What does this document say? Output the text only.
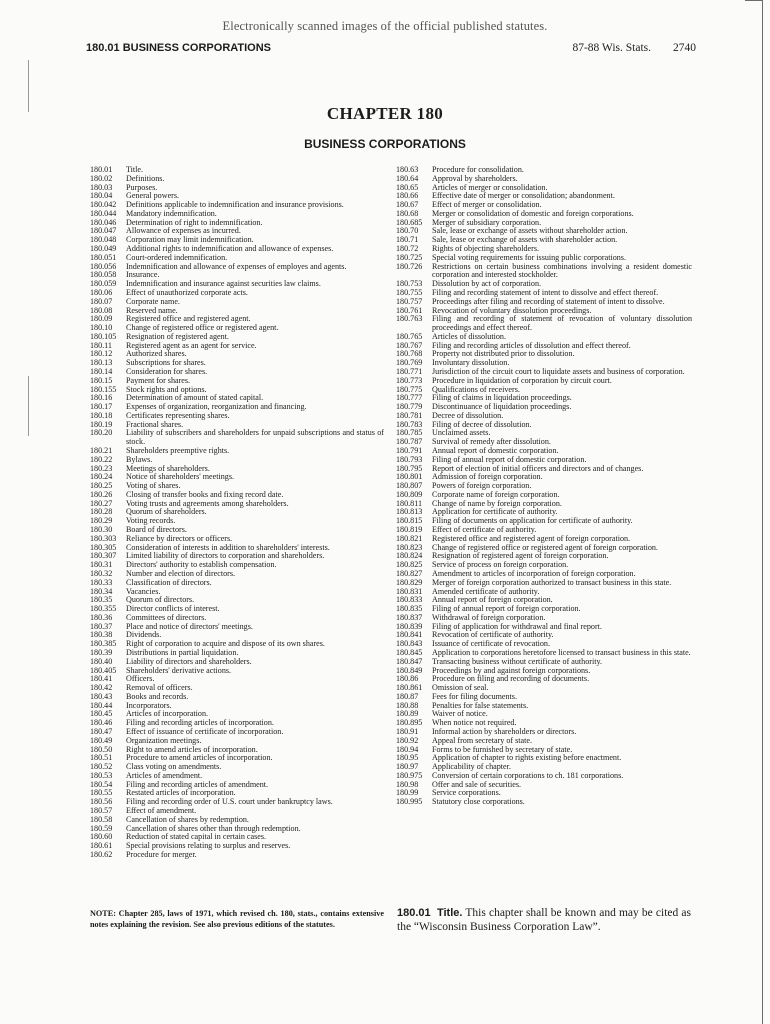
Electronically scanned images of the official published statutes.
180.01 BUSINESS CORPORATIONS	87-88 Wis. Stats. 2740
CHAPTER 180
BUSINESS CORPORATIONS
180.01	Title.
180.02	Definitions.
180.03	Purposes.
180.04	General powers.
180.042	Definitions applicable to indemnification and insurance provisions.
180.044	Mandatory indemnification.
180.046	Determination of right to indemnification.
180.047	Allowance of expenses as incurred.
180.048	Corporation may limit indemnification.
180.049	Additional rights to indemnification and allowance of expenses.
180.051	Court-ordered indemnification.
180.056	Indemnification and allowance of expenses of employes and agents.
180.058	Insurance.
180.059	Indemnification and insurance against securities law claims.
180.06	Effect of unauthorized corporate acts.
180.07	Corporate name.
180.08	Reserved name.
180.09	Registered office and registered agent.
180.10	Change of registered office or registered agent.
180.105	Resignation of registered agent.
180.11	Registered agent as an agent for service.
180.12	Authorized shares.
180.13	Subscriptions for shares.
180.14	Consideration for shares.
180.15	Payment for shares.
180.155	Stock rights and options.
180.16	Determination of amount of stated capital.
180.17	Expenses of organization, reorganization and financing.
180.18	Certificates representing shares.
180.19	Fractional shares.
180.20	Liability of subscribers and shareholders for unpaid subscriptions and status of stock.
180.21	Shareholders preemptive rights.
180.22	Bylaws.
180.23	Meetings of shareholders.
180.24	Notice of shareholders' meetings.
180.25	Voting of shares.
180.26	Closing of transfer books and fixing record date.
180.27	Voting trusts and agreements among shareholders.
180.28	Quorum of shareholders.
180.29	Voting records.
180.30	Board of directors.
180.303	Reliance by directors or officers.
180.305	Consideration of interests in addition to shareholders' interests.
180.307	Limited liability of directors to corporation and shareholders.
180.31	Directors' authority to establish compensation.
180.32	Number and election of directors.
180.33	Classification of directors.
180.34	Vacancies.
180.35	Quorum of directors.
180.355	Director conflicts of interest.
180.36	Committees of directors.
180.37	Place and notice of directors' meetings.
180.38	Dividends.
180.385	Right of corporation to acquire and dispose of its own shares.
180.39	Distributions in partial liquidation.
180.40	Liability of directors and shareholders.
180.405	Shareholders' derivative actions.
180.41	Officers.
180.42	Removal of officers.
180.43	Books and records.
180.44	Incorporators.
180.45	Articles of incorporation.
180.46	Filing and recording articles of incorporation.
180.47	Effect of issuance of certificate of incorporation.
180.49	Organization meetings.
180.50	Right to amend articles of incorporation.
180.51	Procedure to amend articles of incorporation.
180.52	Class voting on amendments.
180.53	Articles of amendment.
180.54	Filing and recording articles of amendment.
180.55	Restated articles of incorporation.
180.56	Filing and recording order of U.S. court under bankruptcy laws.
180.57	Effect of amendment.
180.58	Cancellation of shares by redemption.
180.59	Cancellation of shares other than through redemption.
180.60	Reduction of stated capital in certain cases.
180.61	Special provisions relating to surplus and reserves.
180.62	Procedure for merger.
180.63	Procedure for consolidation.
180.64	Approval by shareholders.
180.65	Articles of merger or consolidation.
180.66	Effective date of merger or consolidation; abandonment.
180.67	Effect of merger or consolidation.
180.68	Merger or consolidation of domestic and foreign corporations.
180.685	Merger of subsidiary corporation.
180.70	Sale, lease or exchange of assets without shareholder action.
180.71	Sale, lease or exchange of assets with shareholder action.
180.72	Rights of objecting shareholders.
180.725	Special voting requirements for issuing public corporations.
180.726	Restrictions on certain business combinations involving a resident domestic corporation and interested stockholder.
180.753	Dissolution by act of corporation.
180.755	Filing and recording statement of intent to dissolve and effect thereof.
180.757	Proceedings after filing and recording of statement of intent to dissolve.
180.761	Revocation of voluntary dissolution proceedings.
180.763	Filing and recording of statement of revocation of voluntary dissolution proceedings and effect thereof.
180.765	Articles of dissolution.
180.767	Filing and recording articles of dissolution and effect thereof.
180.768	Property not distributed prior to dissolution.
180.769	Involuntary dissolution.
180.771	Jurisdiction of the circuit court to liquidate assets and business of corporation.
180.773	Procedure in liquidation of corporation by circuit court.
180.775	Qualifications of receivers.
180.777	Filing of claims in liquidation proceedings.
180.779	Discontinuance of liquidation proceedings.
180.781	Decree of dissolution.
180.783	Filing of decree of dissolution.
180.785	Unclaimed assets.
180.787	Survival of remedy after dissolution.
180.791	Annual report of domestic corporation.
180.793	Filing of annual report of domestic corporation.
180.795	Report of election of initial officers and directors and of changes.
180.801	Admission of foreign corporation.
180.807	Powers of foreign corporation.
180.809	Corporate name of foreign corporation.
180.811	Change of name by foreign corporation.
180.813	Application for certificate of authority.
180.815	Filing of documents on application for certificate of authority.
180.819	Effect of certificate of authority.
180.821	Registered office and registered agent of foreign corporation.
180.823	Change of registered office or registered agent of foreign corporation.
180.824	Resignation of registered agent of foreign corporation.
180.825	Service of process on foreign corporation.
180.827	Amendment to articles of incorporation of foreign corporation.
180.829	Merger of foreign corporation authorized to transact business in this state.
180.831	Amended certificate of authority.
180.833	Annual report of foreign corporation.
180.835	Filing of annual report of foreign corporation.
180.837	Withdrawal of foreign corporation.
180.839	Filing of application for withdrawal and final report.
180.841	Revocation of certificate of authority.
180.843	Issuance of certificate of revocation.
180.845	Application to corporations heretofore licensed to transact business in this state.
180.847	Transacting business without certificate of authority.
180.849	Proceedings by and against foreign corporations.
180.86	Procedure on filing and recording of documents.
180.861	Omission of seal.
180.87	Fees for filing documents.
180.88	Penalties for false statements.
180.89	Waiver of notice.
180.895	When notice not required.
180.91	Informal action by shareholders or directors.
180.92	Appeal from secretary of state.
180.94	Forms to be furnished by secretary of state.
180.95	Application of chapter to rights existing before enactment.
180.97	Applicability of chapter.
180.975	Conversion of certain corporations to ch. 181 corporations.
180.98	Offer and sale of securities.
180.99	Service corporations.
180.995	Statutory close corporations.
NOTE: Chapter 285, laws of 1971, which revised ch. 180, stats., contains extensive notes explaining the revision. See also previous editions of the statutes.
180.01 Title. This chapter shall be known and may be cited as the “Wisconsin Business Corporation Law”.
